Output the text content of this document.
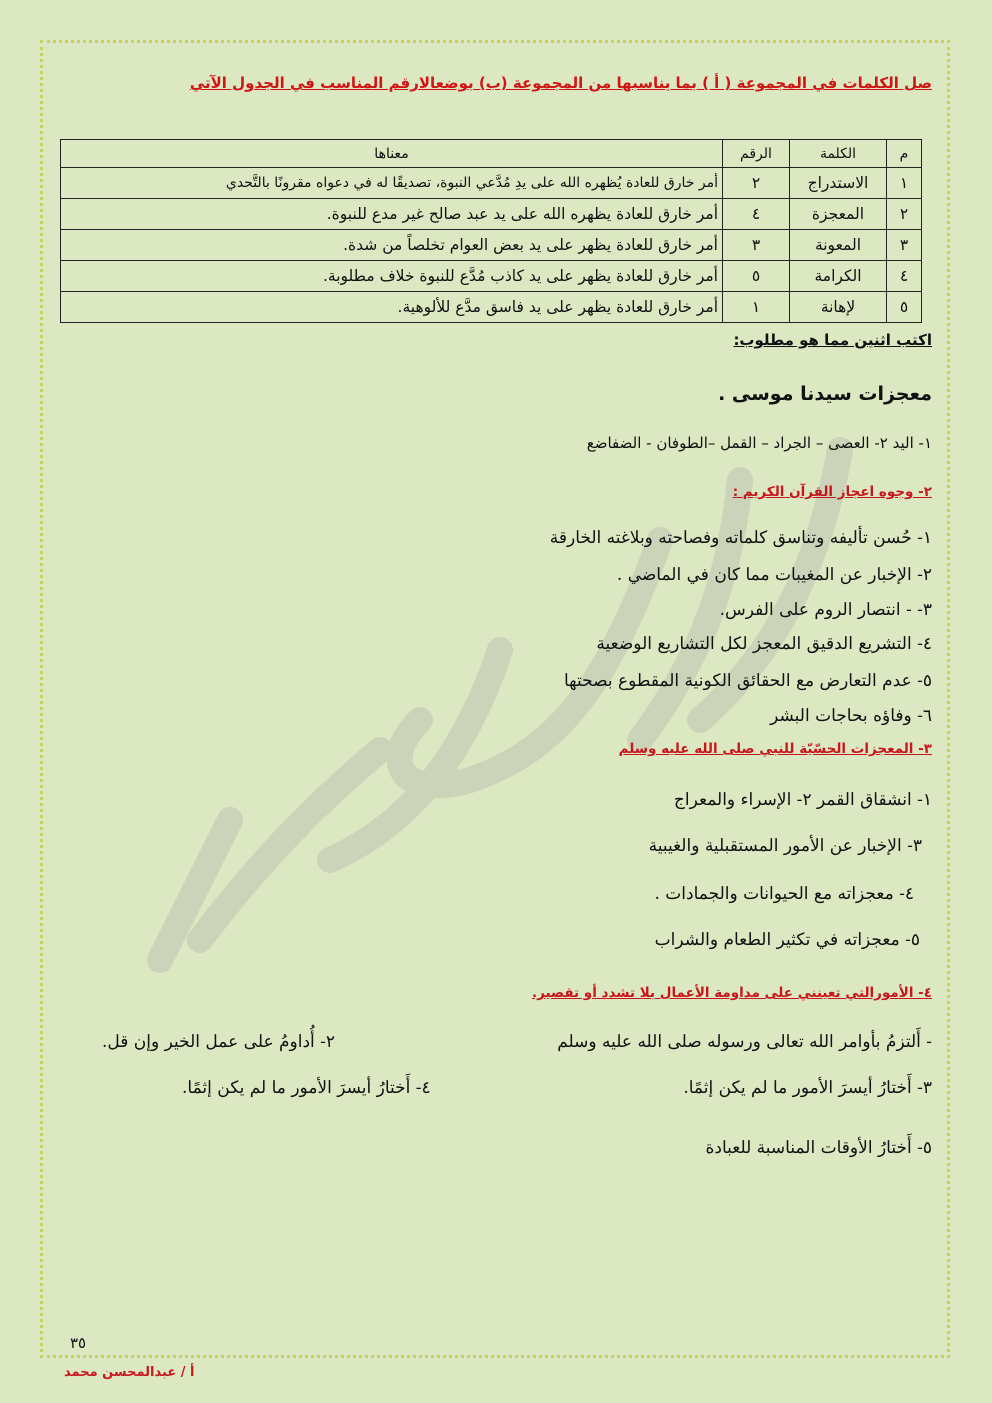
صل الكلمات في المجموعة ( أ ) بما يناسبها من المجموعة (ب) بوضعالارقم المناسب في الجدول الآتي
م	الكلمة	الرقم	معناها
١	الاستدراج	٢	أمر خارق للعادة يُظهره الله على يدِ مُدَّعي النبوة، تصديقًا له في دعواه مقرونًا بالتَّحدي
٢	المعجزة	٤	أمر خارق للعادة يظهره الله على يد عبد صالح غير مدع للنبوة.
٣	المعونة	٣	أمر خارق للعادة يظهر على يد بعض العوام تخلصاً من شدة.
٤	الكرامة	٥	أمر خارق للعادة يظهر على يد كاذب مُدَّع للنبوة خلاف مطلوبة.
٥	لإهانة	١	أمر خارق للعادة يظهر على يد فاسق مدَّع للألوهية.
اكتب اثنين مما هو مطلوب:
معجزات سيدنا موسى .
١- اليد ٢- العصى – الجراد – القمل –الطوفان - الضفاضع
٢- وجوه اعجاز القرآن الكريم :
١- حُسن تأليفه وتناسق كلماته وفصاحته وبلاغته الخارقة
٢- الإخبار عن المغيبات مما كان في الماضي .
٣- - انتصار الروم على الفرس.
٤- التشريع الدقيق المعجز لكل التشاريع الوضعية
٥- عدم التعارض مع الحقائق الكونية المقطوع بصحتها
٦- وفاؤه بحاجات البشر
٣- المعجزات الحسّيّة للنبي صلى الله عليه وسلم
١- انشقاق القمر ٢- الإسراء والمعراج
٣- الإخبار عن الأمور المستقبلية والغيبية
٤- معجزاته مع الحيوانات والجمادات .
٥- معجزاته في تكثير الطعام والشراب
٤- الأمورالتي تعينني على مداومة الأعمال بلا تشدد أو تقصير.
- أَلتزمُ بأوامر الله تعالى ورسوله صلى الله عليه وسلم
٢- أُداومُ على عمل الخير وإن قل.
٣- أَختارُ أيسرَ الأمور ما لم يكن إثمًا.
٤- أَختارُ أيسرَ الأمور ما لم يكن إثمًا.
٥- أَختارُ الأوقات المناسبة للعبادة
٣٥
أ / عبدالمحسن محمد
